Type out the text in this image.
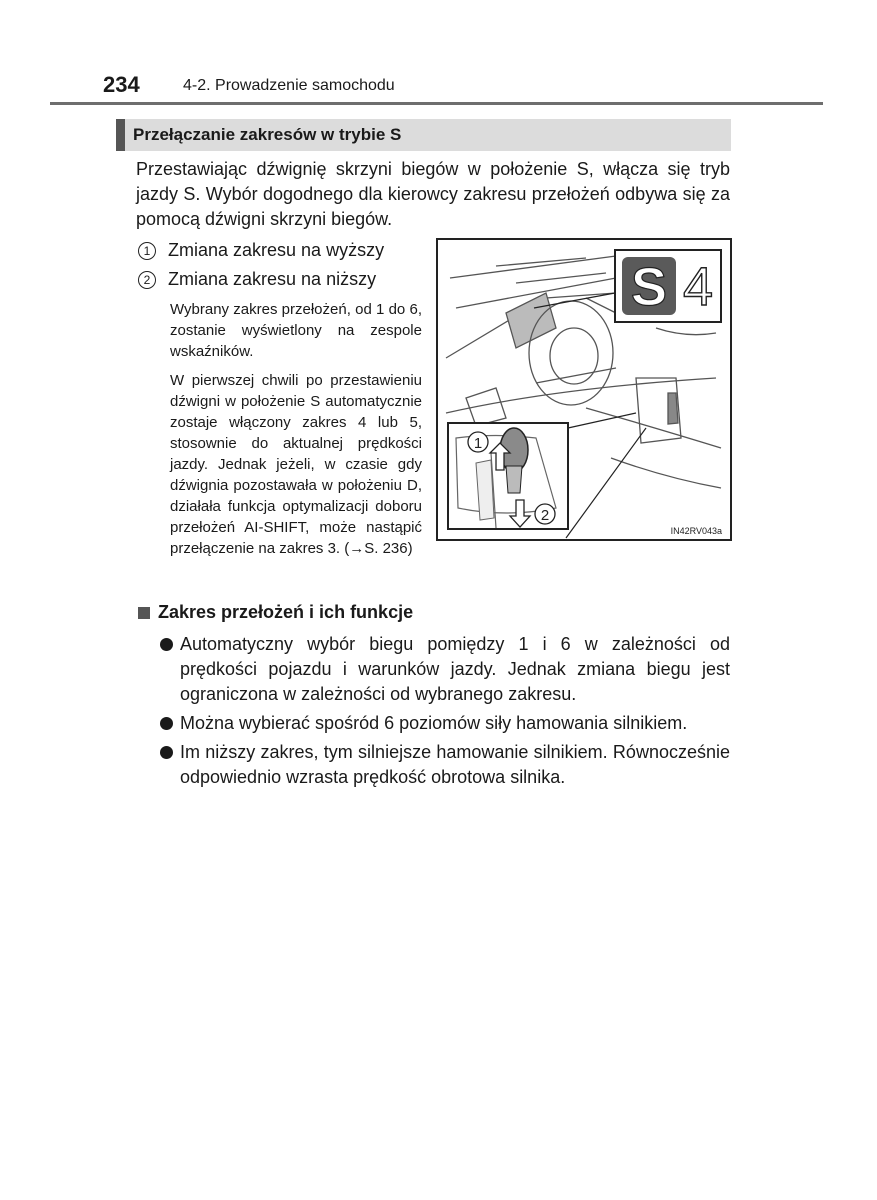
234	4-2. Prowadzenie samochodu
Przełączanie zakresów w trybie S

Przestawiając dźwignię skrzyni biegów w położenie S, włącza się tryb jazdy S. Wybór dogodnego dla kierowcy zakresu przełożeń odbywa się za pomocą dźwigni skrzyni biegów.

1 Zmiana zakresu na wyższy
2 Zmiana zakresu na niższy

Wybrany zakres przełożeń, od 1 do 6, zostanie wyświetlony na zespole wskaźników.

W pierwszej chwili po przestawieniu dźwigni w położenie S automatycznie zostaje włączony zakres 4 lub 5, stosownie do aktualnej prędkości jazdy. Jednak jeżeli, w czasie gdy dźwignia pozostawała w położeniu D, działała funkcja optymalizacji doboru przełożeń AI-SHIFT, może nastąpić przełączenie na zakres 3. (→S. 236)

S 4
1
2
IN42RV043a
Zakres przełożeń i ich funkcje
Automatyczny wybór biegu pomiędzy 1 i 6 w zależności od prędkości pojazdu i warunków jazdy. Jednak zmiana biegu jest ograniczona w zależności od wybranego zakresu.
Można wybierać spośród 6 poziomów siły hamowania silnikiem.
Im niższy zakres, tym silniejsze hamowanie silnikiem. Równocześnie odpowiednio wzrasta prędkość obrotowa silnika.
